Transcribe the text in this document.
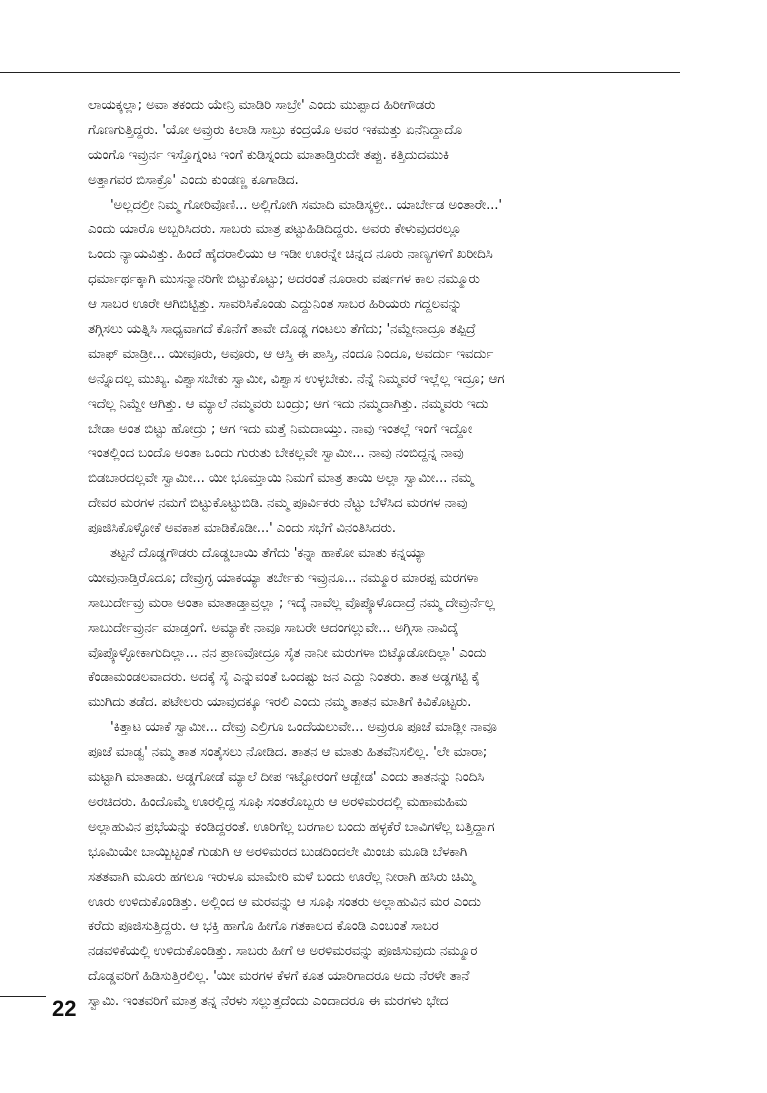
ಲಾಯಕ್ಕಲ್ಲಾ; ಅವಾ ತಕಂದು ಯೇನ್ರಿ ಮಾಡಿರಿ ಸಾಬ್ರೇ' ಎಂದು ಮುಪ್ಪಾದ ಹಿರೀಗೌಡರು
ಗೊಣಗುತ್ತಿದ್ದರು. 'ಯೋ ಅವ್ರುರು ಕಿಲಾಡಿ ಸಾಬ್ರು ಕಂದ್ರಯೊ ಅವರ ಇಕಮತ್ತು ಏನೆನಿದ್ದಾದೊ
ಯಂಗೊ ಇವ್ರುರ್ನ ಇಸ್ತೊಗ್ನಂಟ ಇಂಗೆ ಕುಡಿಸ್ನಂದು ಮಾತಾಡ್ತಿರುದೇ ತಪ್ಪು. ಕತ್ತಿದುದಮುಕಿ
ಅತ್ತಾಗವರ ಬಿಸಾಕ್ರೊ' ಎಂದು ಕುಂಡಣ್ಣ ಕೂಗಾಡಿದ.
'ಅಲ್ಲದಲ್ರೀ ನಿಮ್ಮ ಗೋರಿವೊಣಿ... ಅಲ್ಲಿಗೋಗಿ ಸಮಾದಿ ಮಾಡಿಸ್ಕಳ್ರೀ.. ಯಾರ್ಬೇಡ ಅಂತಾರೇ...'
ಎಂದು ಯಾರೊ ಅಬ್ಬರಿಸಿದರು. ಸಾಬರು ಮಾತ್ರ ಪಟ್ಟುಹಿಡಿದಿದ್ದರು. ಅವರು ಕೇಳುವುದರಲ್ಲೂ
ಒಂದು ನ್ಯಾಯವಿತ್ತು. ಹಿಂದೆ ಹೈದರಾಲಿಯು ಆ ಇಡೀ ಊರನ್ನೇ ಚಿನ್ನದ ನೂರು ನಾಣ್ಯಗಳಿಗೆ ಖರೀದಿಸಿ
ಧರ್ಮಾರ್ಥಕ್ಕಾಗಿ ಮುಸನ್ಮಾನರಿಗೇ ಬಿಟ್ಟುಕೊಟ್ಟು; ಅದರಂತೆ ನೂರಾರು ವರ್ಷಗಳ ಕಾಲ ನಮ್ಮೂರು
ಆ ಸಾಬರ ಊರೇ ಆಗಿಬಿಟ್ಟಿತ್ತು. ಸಾವರಿಸಿಕೊಂಡು ಎದ್ದುನಿಂತ ಸಾಬರ ಹಿರಿಯರು ಗದ್ದಲವನ್ನು
ತಗ್ಗಿಸಲು ಯತ್ನಿಸಿ ಸಾಧ್ಯವಾಗದೆ ಕೊನೆಗೆ ತಾವೇ ದೊಡ್ಡ ಗಂಟಲು ತೆಗೆದು; 'ನಮ್ದೇನಾದ್ರೂ ತಪ್ಪಿದ್ರೆ
ಮಾಫ್ ಮಾಡ್ರೀ... ಯೀವೂರು, ಅವೂರು, ಆ ಆಸ್ತಿ ಈ ಪಾಸ್ತಿ, ನಂದೂ ನಿಂದೂ, ಅವರ್ದು ಇವರ್ದು
ಅನ್ನೊದಲ್ಲ ಮುಖ್ಯ. ವಿಶ್ವಾಸಬೇಕು ಸ್ವಾಮೀ, ವಿಶ್ವಾಸ ಉಳ್ಳಬೇಕು. ನೆನ್ನೆ ನಿಮ್ಮವರೆ ಇಲ್ಲೆಲ್ಲ ಇದ್ರೂ; ಆಗ
ಇದೆಲ್ಲ ನಿಮ್ದೇ ಆಗಿತ್ತು. ಆ ಮ್ಯಾಲೆ ನಮ್ಮವರು ಬಂದ್ರು; ಆಗ ಇದು ನಮ್ಮದಾಗಿತ್ತು. ನಮ್ಮವರು ಇದು
ಬೇಡಾ ಅಂತ ಬಿಟ್ಟು ಹೋದ್ರು ; ಆಗ ಇದು ಮತ್ತೆ ನಿಮದಾಯ್ತು. ನಾವು ಇಂತಲ್ಲೆ ಇಂಗೆ ಇದ್ದೋ
ಇಂತಲ್ಲಿಂದ ಬಂದೊ ಅಂತಾ ಒಂದು ಗುರುತು ಬೇಕಲ್ಲವೇ ಸ್ವಾಮೀ... ನಾವು ನಂಬಿದ್ದನ್ನ ನಾವು
ಬಿಡಬಾರದಲ್ಲವೇ ಸ್ವಾಮೀ... ಯೀ ಭೂಮ್ತಾಯಿ ನಿಮಗೆ ಮಾತ್ರ ತಾಯಿ ಅಲ್ಲಾ ಸ್ವಾಮೀ... ನಮ್ಮ
ದೇವರ ಮರಗಳ ನಮಗೆ ಬಿಟ್ಟುಕೊಟ್ಟುಬಿಡಿ. ನಮ್ಮ ಪೂರ್ವಿಕರು ನೆಟ್ಟು ಬೆಳೆಸಿದ ಮರಗಳ ನಾವು
ಪೂಜಿಸಿಕೊಳ್ಳೋಕೆ ಅವಕಾಶ ಮಾಡಿಕೊಡೀ...' ಎಂದು ಸಭೆಗೆ ವಿನಂತಿಸಿದರು.
ತಟ್ಟನೆ ದೊಡ್ಡಗೌಡರು ದೊಡ್ಡಬಾಯಿ ತೆಗೆದು 'ಕನ್ನಾ ಹಾಕೋ ಮಾತು ಕನ್ನಯ್ಯಾ
ಯೀವುನಾಡ್ತಿರೊದೂ; ದೇವ್ರುಗ್ಳ ಯಾಕಯ್ಯಾ ತರ್ಬೇಕು ಇವ್ರುನೂ... ನಮ್ಮೂರ ಮಾರಪ್ಪ ಮರಗಳಾ
ಸಾಬುರ್ದೇವ್ರು ಮರಾ ಅಂತಾ ಮಾತಾಡ್ತಾವ್ರಲ್ಲಾ ; ಇದ್ಕೆ ನಾವೆಲ್ಲ ವೊಪ್ಕೊಳೊದಾದ್ರೆ ನಮ್ಮ ದೇವ್ರುರ್ನೆಲ್ಲ
ಸಾಬುರ್ದೇವ್ರುರ್ನ ಮಾಡ್ತಂಗೆ. ಅಮ್ಯಾಕೇ ನಾವೂ ಸಾಬರೇ ಆದಂಗಲ್ಲುವೇ... ಅಗ್ಗಿಸಾ ನಾವಿದ್ಕೆ
ವೊಪ್ಕೊಳ್ಳೋಕಾಗುದಿಲ್ಲಾ... ನನ ಪ್ರಾಣವೋದ್ರೂ ಸೈತ ನಾನೀ ಮರುಗಳಾ ಬಿಟ್ಕೊಡೋದಿಲ್ಲಾ' ಎಂದು
ಕೆಂಡಾಮಂಡಲವಾದರು. ಅದಕ್ಕೆ ಸೈ ಎನ್ನುವಂತೆ ಒಂದಷ್ಟು ಜನ ಎದ್ದು ನಿಂತರು. ತಾತ ಅಡ್ಡಗಟ್ಟಿ ಕೈ
ಮುಗಿದು ತಡೆದ. ಪಟೇಲರು ಯಾವುದಕ್ಕೂ ಇರಲಿ ಎಂದು ನಮ್ಮ ತಾತನ ಮಾತಿಗೆ ಕಿವಿಕೊಟ್ಟರು.
'ಕಿತ್ತಾಟ ಯಾಕೆ ಸ್ವಾಮೀ... ದೇವ್ರು ಎಲ್ರಿಗೂ ಒಂದೆಯಲುವೇ... ಅವ್ರುರೂ ಪೂಜೆ ಮಾಡ್ಲೀ ನಾವೂ
ಪೂಜೆ ಮಾಡ್ವ' ನಮ್ಮ ತಾತ ಸಂತೈಸಲು ನೋಡಿದ. ತಾತನ ಆ ಮಾತು ಹಿತವೆನಿಸಲಿಲ್ಲ. 'ಲೇ ಮಾರಾ;
ಮಟ್ಟಾಗಿ ಮಾತಾಡು. ಅಡ್ಡಗೋಡೆ ಮ್ಯಾಲೆ ದೀಪ ಇಟ್ಟೋರಂಗೆ ಆಡ್ಬೇಡ' ಎಂದು ತಾತನನ್ನು ನಿಂದಿಸಿ
ಅರಚಿದರು. ಹಿಂದೊಮ್ಮೆ ಊರಲ್ಲಿದ್ದ ಸೂಫಿ ಸಂತರೊಬ್ಬರು ಆ ಅರಳಿಮರದಲ್ಲಿ ಮಹಾಮಹಿಮ
ಅಲ್ಲಾಹುವಿನ ಪ್ರಭೆಯನ್ನು ಕಂಡಿದ್ದರಂತೆ. ಊರಿಗೆಲ್ಲ ಬರಗಾಲ ಬಂದು ಹಳ್ಳಕೆರೆ ಬಾವಿಗಳೆಲ್ಲ ಬತ್ತಿದ್ದಾಗ
ಭೂಮಿಯೇ ಬಾಯ್ಬಿಟ್ಟಂತೆ ಗುಡುಗಿ ಆ ಅರಳಿಮರದ ಬುಡದಿಂದಲೇ ಮಿಂಚು ಮೂಡಿ ಬೆಳಕಾಗಿ
ಸತತವಾಗಿ ಮೂರು ಹಗಲೂ ಇರುಳೂ ಮಾಮೇರಿ ಮಳೆ ಬಂದು ಊರೆಲ್ಲ ನೀರಾಗಿ ಹಸಿರು ಚಿಮ್ಮಿ
ಊರು ಉಳಿದುಕೊಂಡಿತ್ತು. ಅಲ್ಲಿಂದ ಆ ಮರವನ್ನು ಆ ಸೂಫಿ ಸಂತರು ಅಲ್ಲಾಹುವಿನ ಮರ ಎಂದು
ಕರೆದು ಪೂಜಿಸುತ್ತಿದ್ದರು. ಆ ಭಕ್ತಿ ಹಾಗೊ ಹೀಗೊ ಗತಕಾಲದ ಕೊಂಡಿ ಎಂಬಂತೆ ಸಾಬರ
ನಡವಳಿಕೆಯಲ್ಲಿ ಉಳಿದುಕೊಂಡಿತ್ತು. ಸಾಬರು ಹೀಗೆ ಆ ಅರಳಿಮರವನ್ನು ಪೂಜಿಸುವುದು ನಮ್ಮೂರ
ದೊಡ್ಡವರಿಗೆ ಹಿಡಿಸುತ್ತಿರಲಿಲ್ಲ. 'ಯೀ ಮರಗಳ ಕೆಳಗೆ ಕೂತ ಯಾರಿಗಾದರೂ ಅದು ನೆರಳೇ ತಾನೆ
ಸ್ವಾಮಿ. ಇಂತವರಿಗೆ ಮಾತ್ರ ತನ್ನ ನೆರಳು ಸಲ್ಲುತ್ತದೆಂದು ಎಂದಾದರೂ ಈ ಮರಗಳು ಭೇದ
22
